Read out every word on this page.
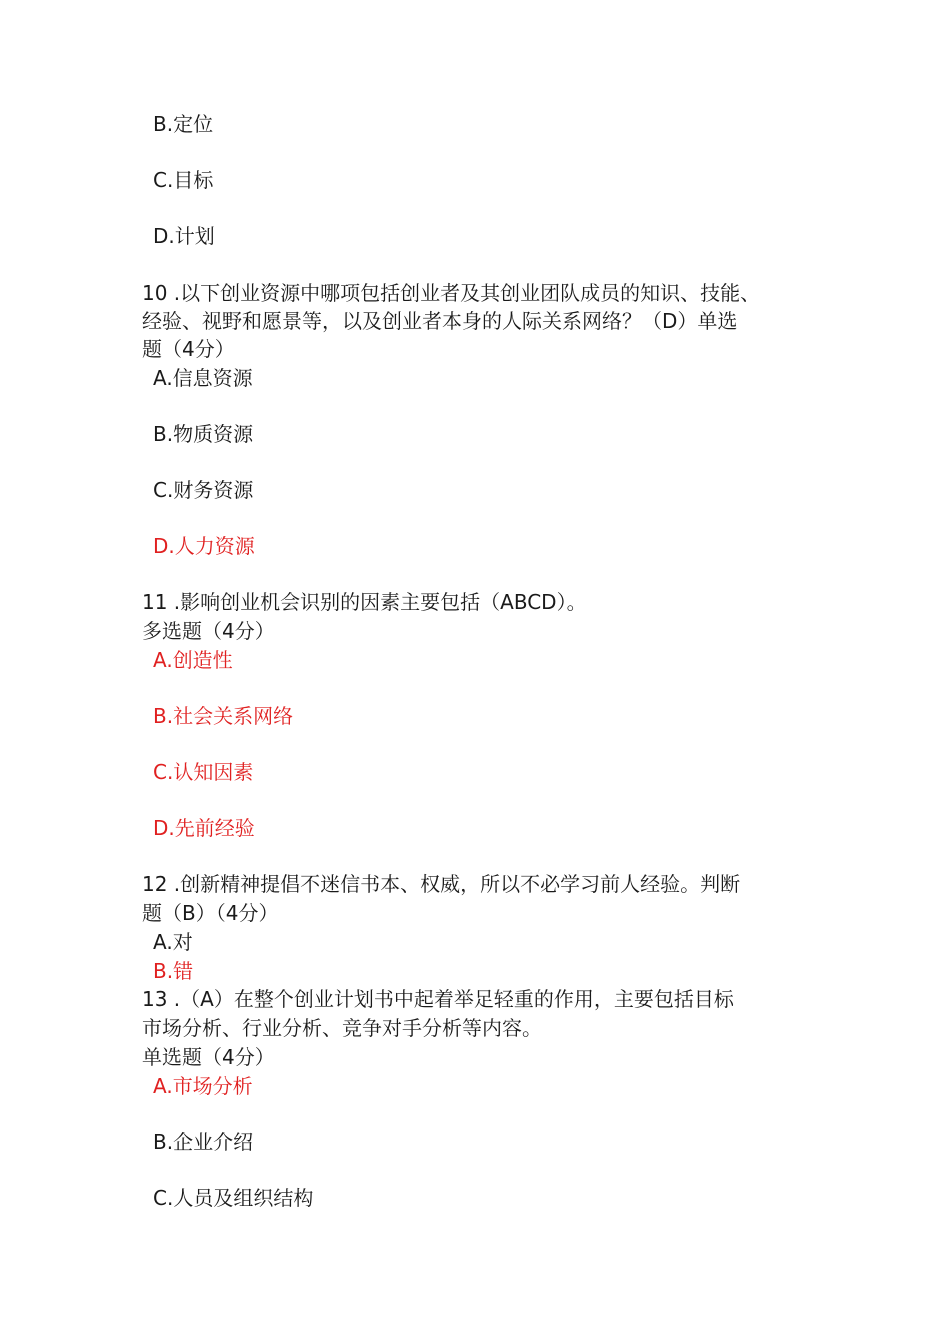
B.定位
C.目标
D.计划
10 .以下创业资源中哪项包括创业者及其创业团队成员的知识、技能、
经验、视野和愿景等，以及创业者本身的人际关系网络？（D）单选
题（4分）
A.信息资源
B.物质资源
C.财务资源
D.人力资源
11 .影响创业机会识别的因素主要包括（ABCD）。
多选题（4分）
A.创造性
B.社会关系网络
C.认知因素
D.先前经验
12 .创新精神提倡不迷信书本、权威，所以不必学习前人经验。判断
题（B）（4分）
A.对
B.错
13 .（A）在整个创业计划书中起着举足轻重的作用，主要包括目标
市场分析、行业分析、竞争对手分析等内容。
单选题（4分）
A.市场分析
B.企业介绍
C.人员及组织结构
